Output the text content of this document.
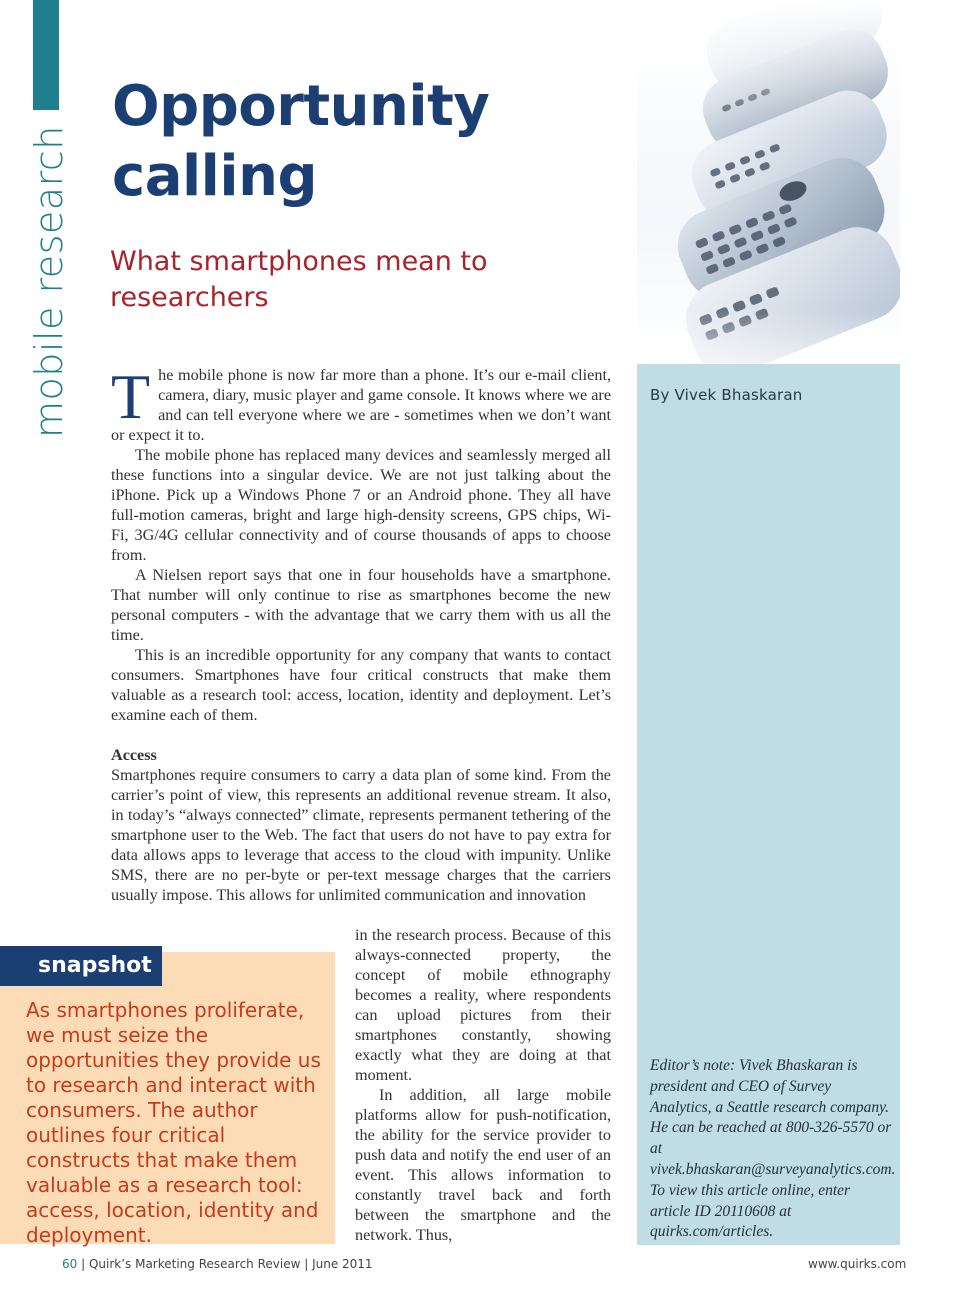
mobile research
Opportunity
calling
What smartphones mean to
researchers
By Vivek Bhaskaran
Editor’s note: Vivek Bhaskaran is president and CEO of Survey Analytics, a Seattle research company. He can be reached at 800-326-5570 or at vivek.bhaskaran@surveyanalytics.com. To view this article online, enter article ID 20110608 at quirks.com/articles.

The mobile phone is now far more than a phone. It’s our e-mail client, camera, diary, music player and game console. It knows where we are and can tell everyone where we are - sometimes when we don’t want or expect it to.

The mobile phone has replaced many devices and seamlessly merged all these functions into a singular device. We are not just talking about the iPhone. Pick up a Windows Phone 7 or an Android phone. They all have full-motion cameras, bright and large high-density screens, GPS chips, Wi-Fi, 3G/4G cellular connectivity and of course thousands of apps to choose from.

A Nielsen report says that one in four households have a smartphone. That number will only continue to rise as smartphones become the new personal computers - with the advantage that we carry them with us all the time.

This is an incredible opportunity for any company that wants to contact consumers. Smartphones have four critical constructs that make them valuable as a research tool: access, location, identity and deployment. Let’s examine each of them.

Access

Smartphones require consumers to carry a data plan of some kind. From the carrier’s point of view, this represents an additional revenue stream. It also, in today’s “always connected” climate, represents permanent tethering of the smartphone user to the Web. The fact that users do not have to pay extra for data allows apps to leverage that access to the cloud with impunity. Unlike SMS, there are no per-byte or per-text message charges that the carriers usually impose. This allows for unlimited communication and innovation

in the research process. Because of this always-connected property, the concept of mobile ethnography becomes a reality, where respondents can upload pictures from their smartphones constantly, showing exactly what they are doing at that moment.

In addition, all large mobile platforms allow for push-notification, the ability for the service provider to push data and notify the end user of an event. This allows information to constantly travel back and forth between the smartphone and the network. Thus,

snapshot
As smartphones proliferate, we must seize the opportunities they provide us to research and interact with consumers. The author outlines four critical constructs that make them valuable as a research tool: access, location, identity and deployment.
60 | Quirk’s Marketing Research Review | June 2011	www.quirks.com
